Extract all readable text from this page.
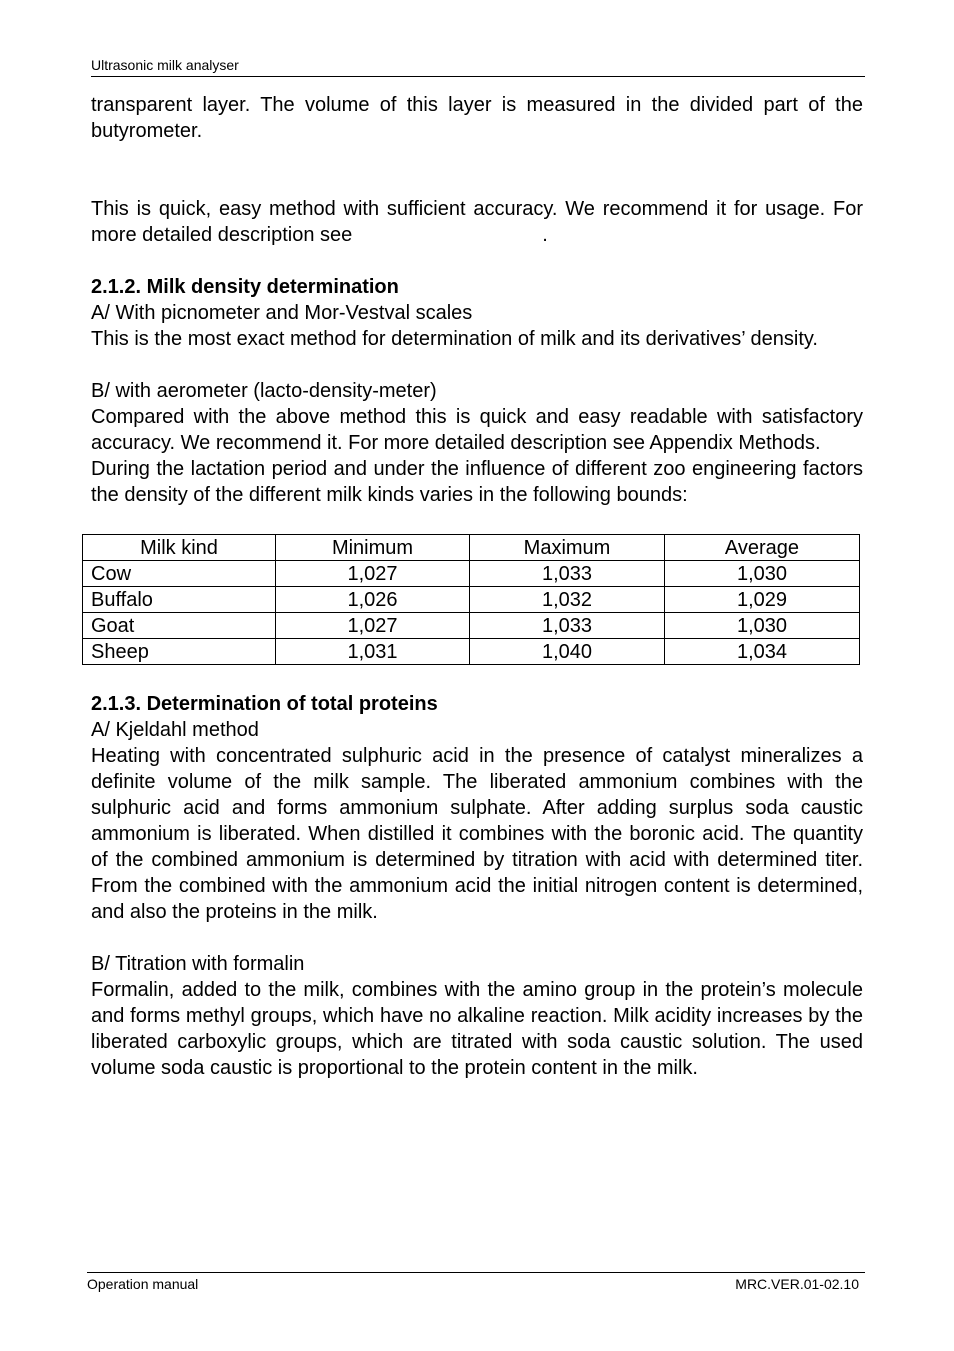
Ultrasonic milk analyser

transparent layer. The volume of this layer is measured in the divided part of the butyrometer.

This is quick, easy method with sufficient accuracy. We recommend it for usage. For more detailed description see	.

2.1.2. Milk density determination

A/ With picnometer and Mor-Vestval scales

This is the most exact method for determination of milk and its derivatives’ density.

B/ with aerometer (lacto-density-meter)

Compared with the above method this is quick and easy readable with satisfactory accuracy. We recommend it. For more detailed description see Appendix Methods.

During the lactation period and under the influence of different zoo engineering factors the density of the different milk kinds varies in the following bounds:

Milk kind	Minimum	Maximum	Average
Cow	1,027	1,033	1,030
Buffalo	1,026	1,032	1,029
Goat	1,027	1,033	1,030
Sheep	1,031	1,040	1,034

2.1.3. Determination of total proteins

A/ Kjeldahl method

Heating with concentrated sulphuric acid in the presence of catalyst mineralizes a definite volume of the milk sample. The liberated ammonium combines with the sulphuric acid and forms ammonium sulphate. After adding surplus soda caustic ammonium is liberated. When distilled it combines with the boronic acid. The quantity of the combined ammonium is determined by titration with acid with determined titer. From the combined with the ammonium acid the initial nitrogen content is determined, and also the proteins in the milk.

B/ Titration with formalin

Formalin, added to the milk, combines with the amino group in the protein’s molecule and forms methyl groups, which have no alkaline reaction. Milk acidity increases by the liberated carboxylic groups, which are titrated with soda caustic solution. The used volume soda caustic is proportional to the protein content in the milk.

Operation manual	MRC.VER.01-02.10
